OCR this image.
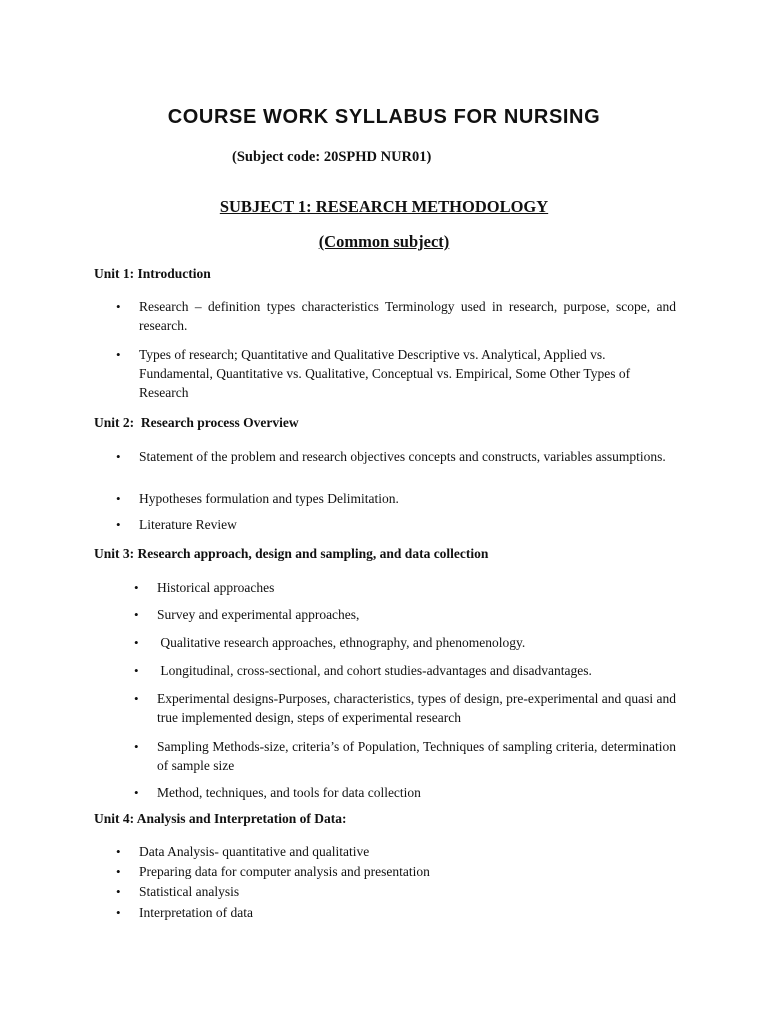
COURSE WORK SYLLABUS FOR NURSING
(Subject code: 20SPHD NUR01)
SUBJECT 1: RESEARCH METHODOLOGY
(Common subject)
Unit 1: Introduction
• Research – definition types characteristics Terminology used in research, purpose, scope, and research.
• Types of research; Quantitative and Qualitative Descriptive vs. Analytical, Applied vs. Fundamental, Quantitative vs. Qualitative, Conceptual vs. Empirical, Some Other Types of Research
Unit 2:  Research process Overview
• Statement of the problem and research objectives concepts and constructs, variables assumptions.
• Hypotheses formulation and types Delimitation.
• Literature Review
Unit 3: Research approach, design and sampling, and data collection
• Historical approaches
• Survey and experimental approaches,
• Qualitative research approaches, ethnography, and phenomenology.
• Longitudinal, cross-sectional, and cohort studies-advantages and disadvantages.
• Experimental designs-Purposes, characteristics, types of design, pre-experimental and quasi and true implemented design, steps of experimental research
• Sampling Methods-size, criteria’s of Population, Techniques of sampling criteria, determination of sample size
• Method, techniques, and tools for data collection
Unit 4: Analysis and Interpretation of Data:
• Data Analysis- quantitative and qualitative
• Preparing data for computer analysis and presentation
• Statistical analysis
• Interpretation of data
